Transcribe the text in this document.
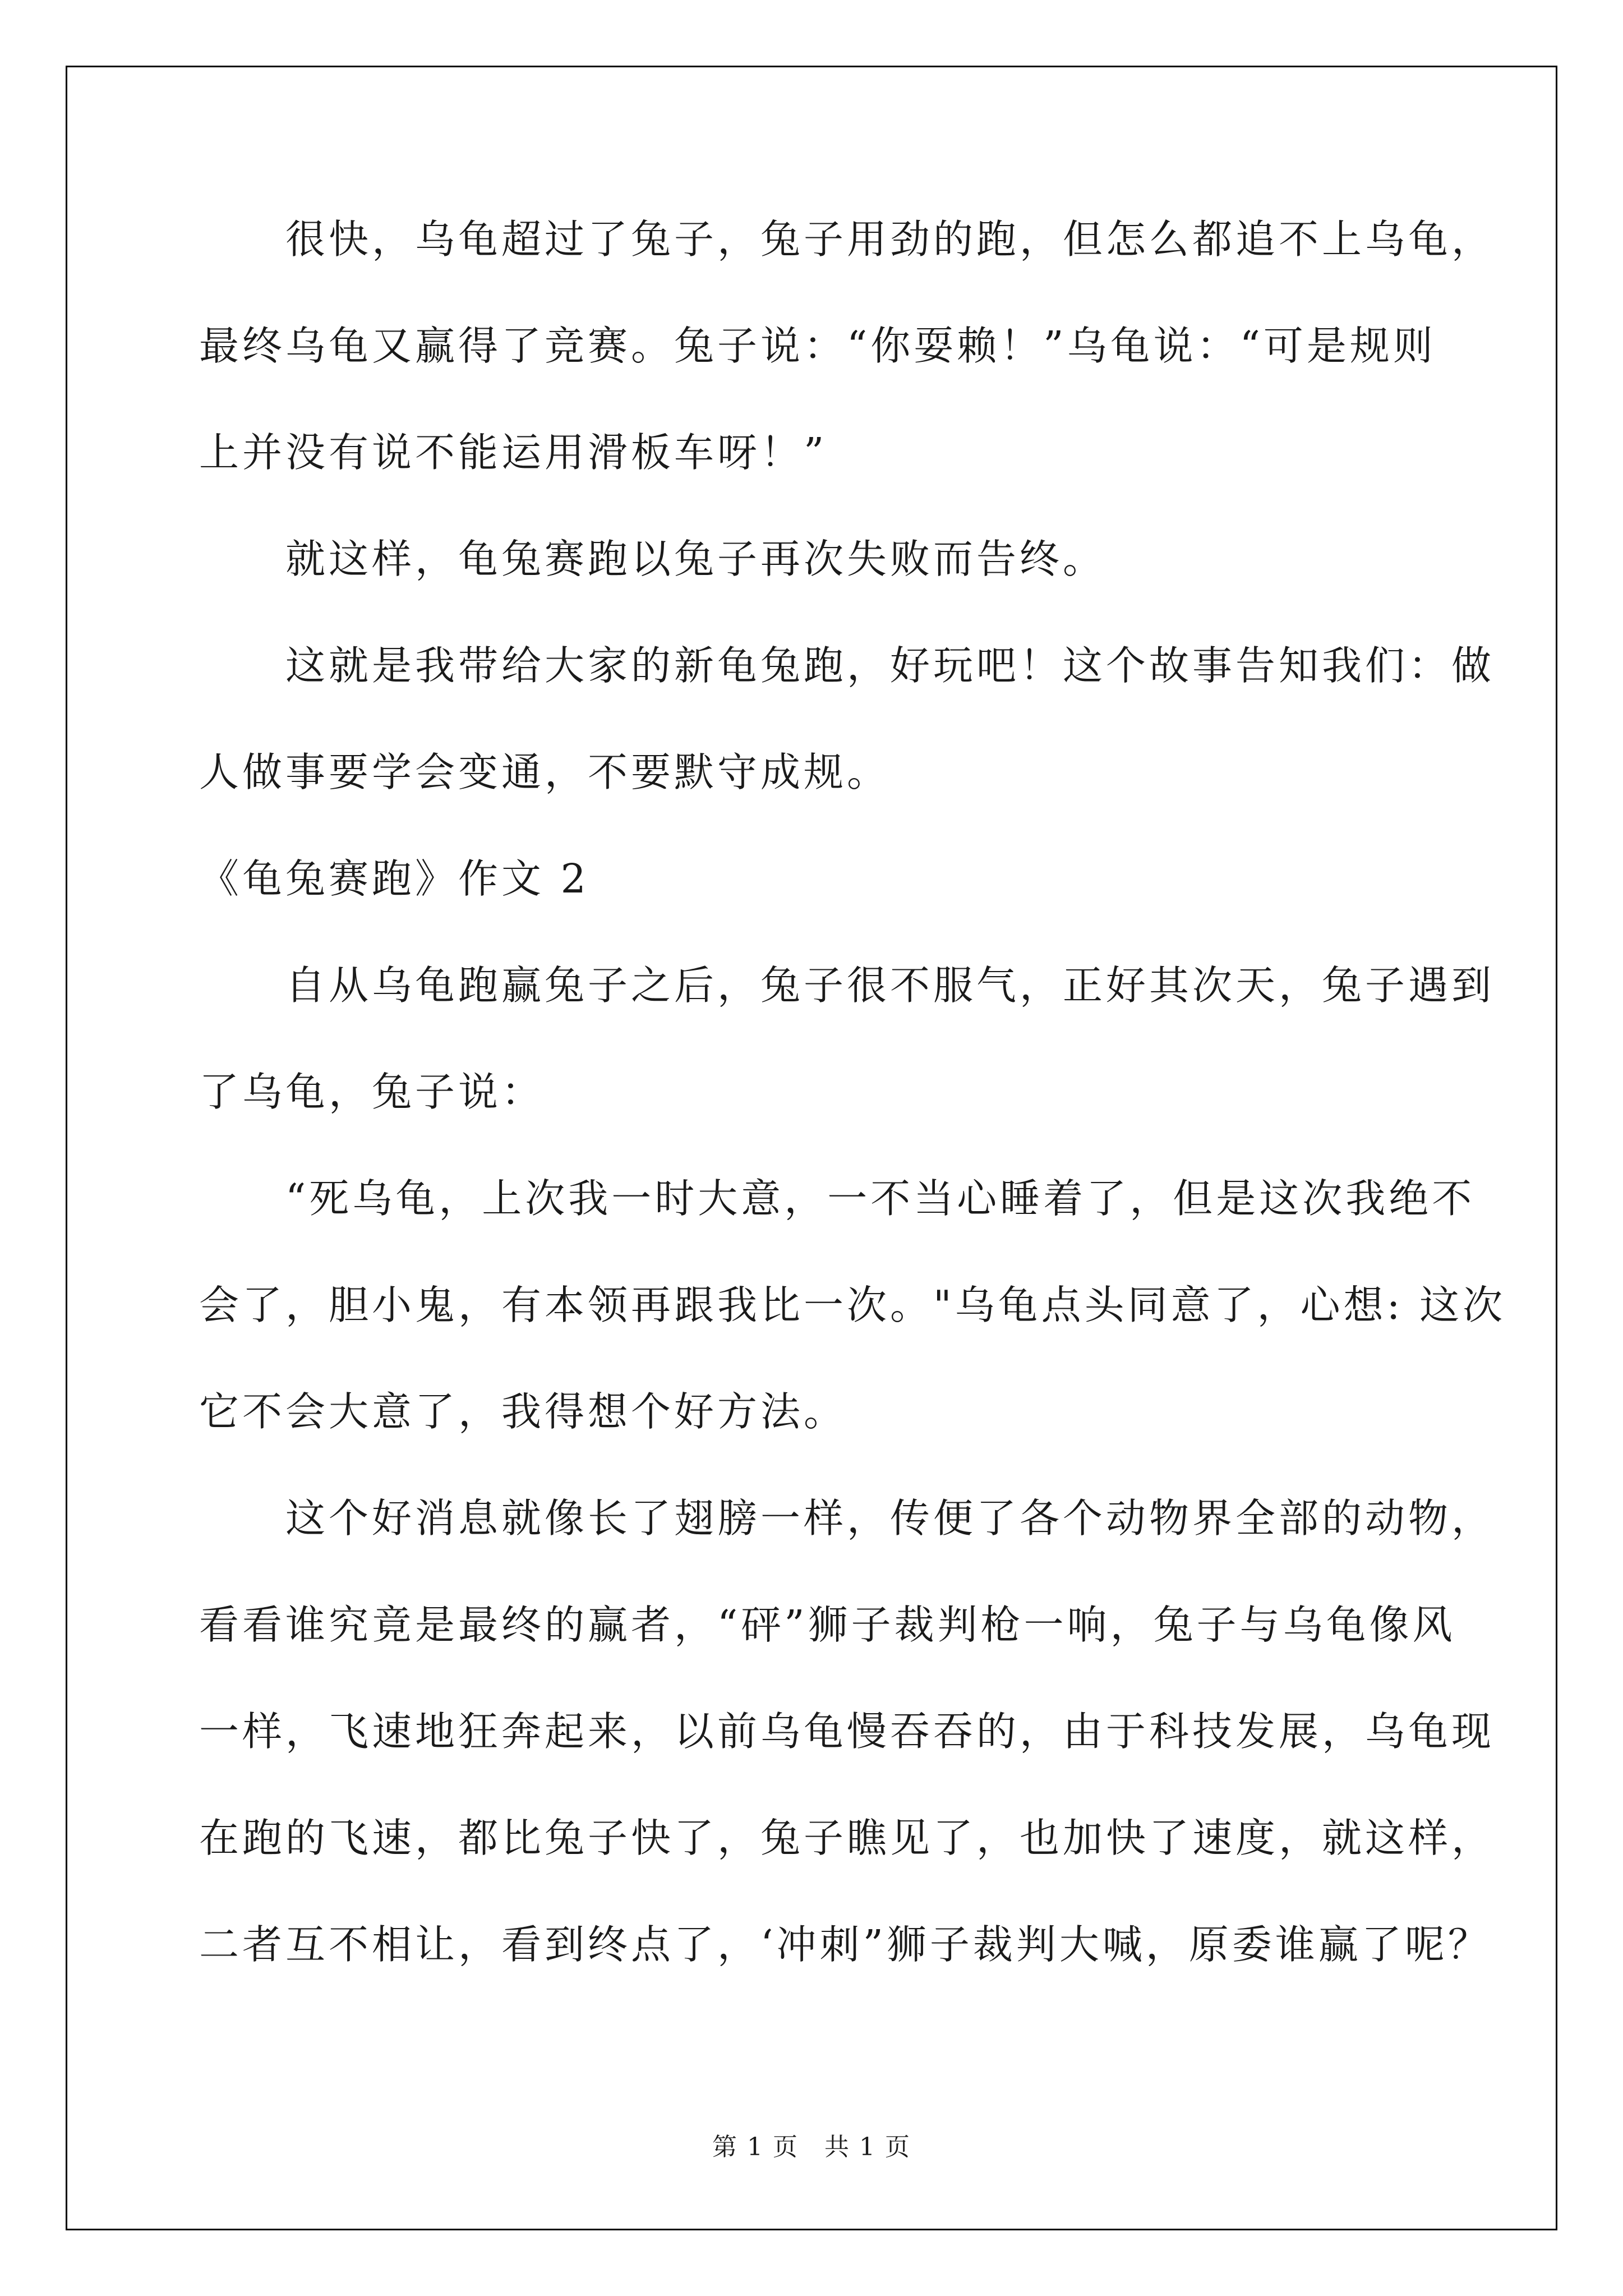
　　很快，乌龟超过了兔子，兔子用劲的跑，但怎么都追不上乌龟，
最终乌龟又赢得了竞赛。兔子说：“你耍赖！”乌龟说：“可是规则
上并没有说不能运用滑板车呀！”
　　就这样，龟兔赛跑以兔子再次失败而告终。
　　这就是我带给大家的新龟兔跑，好玩吧！这个故事告知我们：做
人做事要学会变通，不要默守成规。
《龟兔赛跑》作文 2
　　自从乌龟跑赢兔子之后，兔子很不服气，正好其次天，兔子遇到
了乌龟，兔子说：
　　“死乌龟，上次我一时大意，一不当心睡着了，但是这次我绝不
会了，胆小鬼，有本领再跟我比一次。"乌龟点头同意了，心想: 这次
它不会大意了，我得想个好方法。
　　这个好消息就像长了翅膀一样，传便了各个动物界全部的动物，
看看谁究竟是最终的赢者，“砰”狮子裁判枪一响，兔子与乌龟像风
一样，飞速地狂奔起来，以前乌龟慢吞吞的，由于科技发展，乌龟现
在跑的飞速，都比兔子快了，兔子瞧见了，也加快了速度，就这样，
二者互不相让，看到终点了，‘冲刺”狮子裁判大喊，原委谁赢了呢？
第 1 页　共 1 页
